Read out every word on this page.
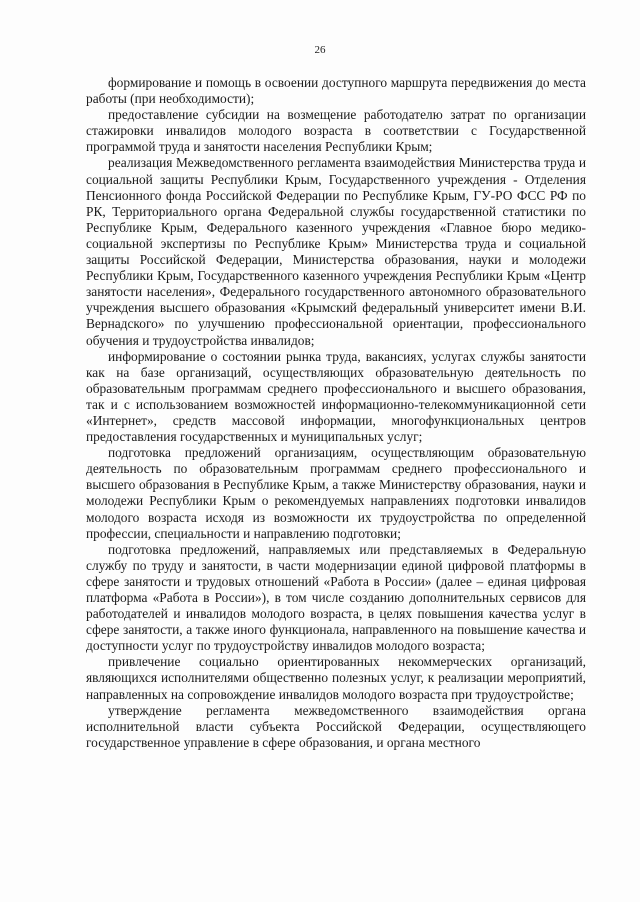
26

формирование и помощь в освоении доступного маршрута передвижения до места работы (при необходимости);

предоставление субсидии на возмещение работодателю затрат по организации стажировки инвалидов молодого возраста в соответствии с Государственной программой труда и занятости населения Республики Крым;

реализация Межведомственного регламента взаимодействия Министерства труда и социальной защиты Республики Крым, Государственного учреждения - Отделения Пенсионного фонда Российской Федерации по Республике Крым, ГУ-РО ФСС РФ по РК, Территориального органа Федеральной службы государственной статистики по Республике Крым, Федерального казенного учреждения «Главное бюро медико-социальной экспертизы по Республике Крым» Министерства труда и социальной защиты Российской Федерации, Министерства образования, науки и молодежи Республики Крым, Государственного казенного учреждения Республики Крым «Центр занятости населения», Федерального государственного автономного образовательного учреждения высшего образования «Крымский федеральный университет имени В.И. Вернадского» по улучшению профессиональной ориентации, профессионального обучения и трудоустройства инвалидов;

информирование о состоянии рынка труда, вакансиях, услугах службы занятости как на базе организаций, осуществляющих образовательную деятельность по образовательным программам среднего профессионального и высшего образования, так и с использованием возможностей информационно-телекоммуникационной сети «Интернет», средств массовой информации, многофункциональных центров предоставления государственных и муниципальных услуг;

подготовка предложений организациям, осуществляющим образовательную деятельность по образовательным программам среднего профессионального и высшего образования в Республике Крым, а также Министерству образования, науки и молодежи Республики Крым о рекомендуемых направлениях подготовки инвалидов молодого возраста исходя из возможности их трудоустройства по определенной профессии, специальности и направлению подготовки;

подготовка предложений, направляемых или представляемых в Федеральную службу по труду и занятости, в части модернизации единой цифровой платформы в сфере занятости и трудовых отношений «Работа в России» (далее – единая цифровая платформа «Работа в России»), в том числе созданию дополнительных сервисов для работодателей и инвалидов молодого возраста, в целях повышения качества услуг в сфере занятости, а также иного функционала, направленного на повышение качества и доступности услуг по трудоустройству инвалидов молодого возраста;

привлечение социально ориентированных некоммерческих организаций, являющихся исполнителями общественно полезных услуг, к реализации мероприятий, направленных на сопровождение инвалидов молодого возраста при трудоустройстве;

утверждение регламента межведомственного взаимодействия органа исполнительной власти субъекта Российской Федерации, осуществляющего государственное управление в сфере образования, и органа местного
